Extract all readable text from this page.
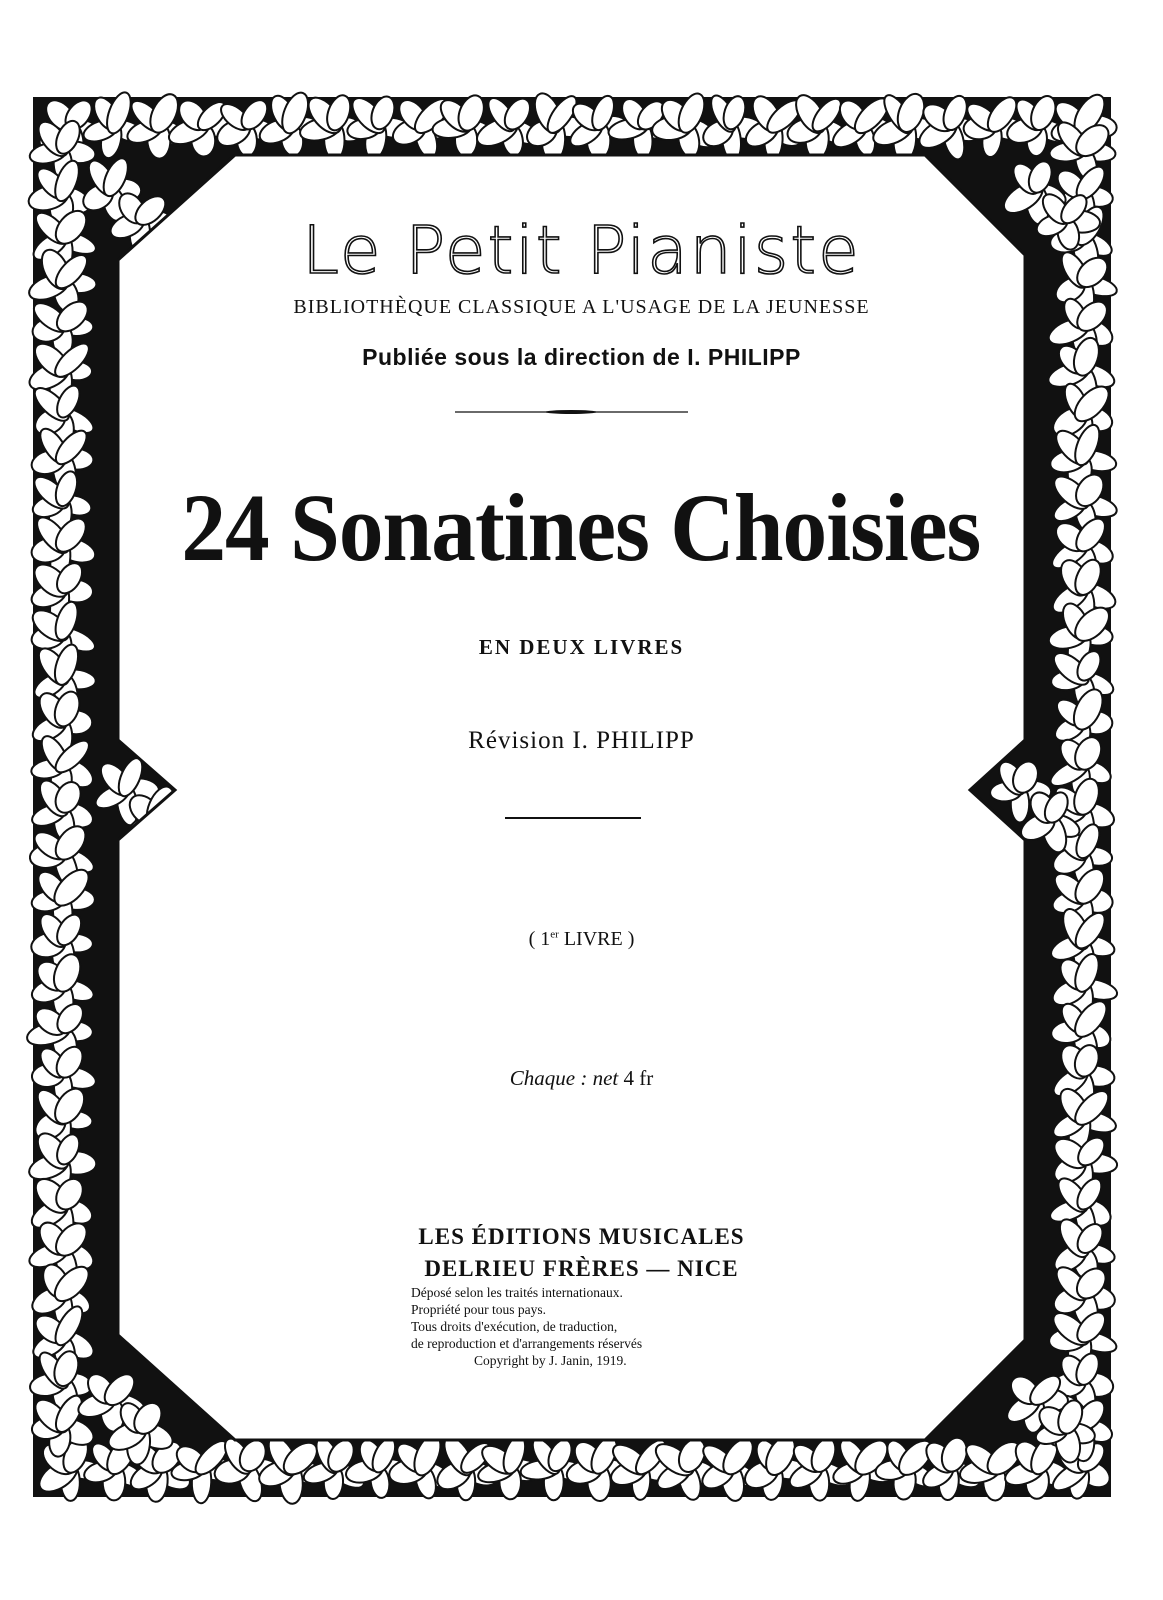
Le Petit Pianiste
BIBLIOTHÈQUE CLASSIQUE A L'USAGE DE LA JEUNESSE
Publiée sous la direction de I. PHILIPP
24 Sonatines Choisies
EN DEUX LIVRES
Révision I. PHILIPP
( 1er LIVRE )
Chaque : net 4 fr
LES ÉDITIONS MUSICALES
DELRIEU FRÈRES — NICE
Déposé selon les traités internationaux.
Propriété pour tous pays.
Tous droits d'exécution, de traduction,
de reproduction et d'arrangements réservés
Copyright by J. Janin, 1919.
